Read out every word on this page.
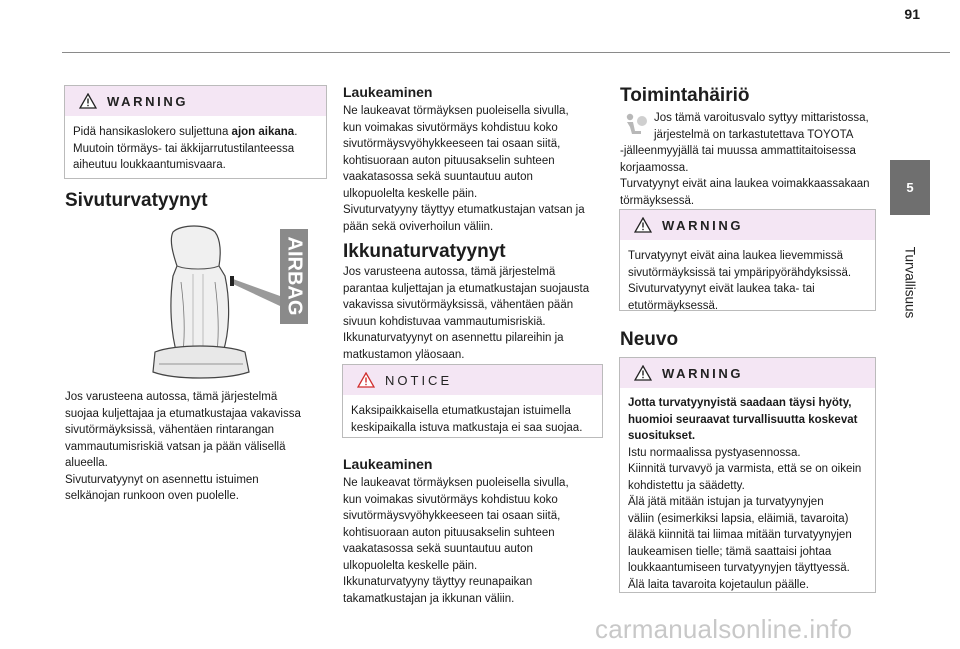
91
5
Turvallisuus
WARNING
Pidä hansikaslokero suljettuna ajon aikana.
Muutoin törmäys- tai äkkijarrutustilanteessa aiheutuu loukkaantumisvaara.
Sivuturvatyynyt
AIRBAG
Jos varusteena autossa, tämä järjestelmä
suojaa kuljettajaa ja etumatkustajaa vakavissa
sivutörmäyksissä, vähentäen rintarangan
vammautumisriskiä vatsan ja pään välisellä
alueella.
Sivuturvatyynyt on asennettu istuimen
selkänojan runkoon oven puolelle.
Laukeaminen
Ne laukeavat törmäyksen puoleisella sivulla,
kun voimakas sivutörmäys kohdistuu koko
sivutörmäysvyöhykkeeseen tai osaan siitä,
kohtisuoraan auton pituusakselin suhteen
vaakatasossa sekä suuntautuu auton
ulkopuolelta keskelle päin.
Sivuturvatyyny täyttyy etumatkustajan vatsan ja
pään sekä oviverhoilun väliin.
Ikkunaturvatyynyt
Jos varusteena autossa, tämä järjestelmä
parantaa kuljettajan ja etumatkustajan suojausta
vakavissa sivutörmäyksissä, vähentäen pään
sivuun kohdistuvaa vammautumisriskiä.
Ikkunaturvatyynyt on asennettu pilareihin ja
matkustamon yläosaan.
NOTICE
Kaksipaikkaisella etumatkustajan istuimella
keskipaikalla istuva matkustaja ei saa suojaa.
Laukeaminen
Ne laukeavat törmäyksen puoleisella sivulla,
kun voimakas sivutörmäys kohdistuu koko
sivutörmäysvyöhykkeeseen tai osaan siitä,
kohtisuoraan auton pituusakselin suhteen
vaakatasossa sekä suuntautuu auton
ulkopuolelta keskelle päin.
Ikkunaturvatyyny täyttyy reunapaikan
takamatkustajan ja ikkunan väliin.
Toimintahäiriö
Jos tämä varoitusvalo syttyy mittaristossa,
järjestelmä on tarkastutettava TOYOTA
-jälleenmyyjällä tai muussa ammattitaitoisessa
korjaamossa.
Turvatyynyt eivät aina laukea voimakkaassakaan
törmäyksessä.
WARNING
Turvatyynyt eivät aina laukea lievemmissä
sivutörmäyksissä tai ympäripyörähdyksissä.
Sivuturvatyynyt eivät laukea taka- tai
etutörmäyksessä.
Neuvo
WARNING
Jotta turvatyynyistä saadaan täysi hyöty,
huomioi seuraavat turvallisuutta koskevat
suositukset.
Istu normaalissa pystyasennossa.
Kiinnitä turvavyö ja varmista, että se on oikein
kohdistettu ja säädetty.
Älä jätä mitään istujan ja turvatyynyjen
väliin (esimerkiksi lapsia, eläimiä, tavaroita)
äläkä kiinnitä tai liimaa mitään turvatyynyjen
laukeamisen tielle; tämä saattaisi johtaa
loukkaantumiseen turvatyynyjen täyttyessä.
Älä laita tavaroita kojetaulun päälle.
carmanualsonline.info
